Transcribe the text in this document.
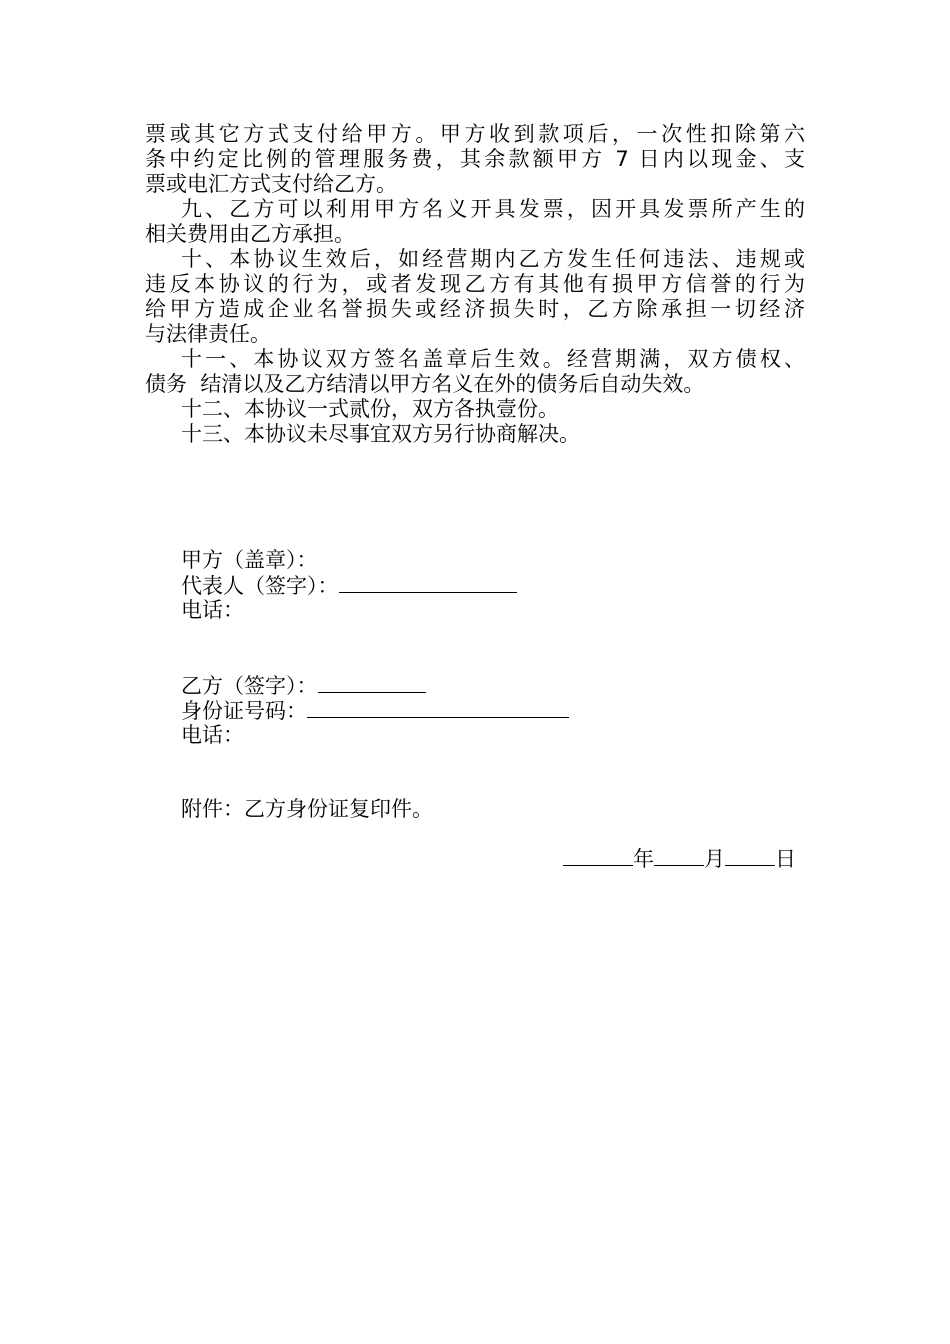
票或其它方式支付给甲方。甲方收到款项后，一次性扣除第六
条中约定比例的管理服务费，其余款额甲方 7 日内以现金、支
票或电汇方式支付给乙方。
九、乙方可以利用甲方名义开具发票，因开具发票所产生的
相关费用由乙方承担。
十、本协议生效后，如经营期内乙方发生任何违法、违规或
违反本协议的行为，或者发现乙方有其他有损甲方信誉的行为
给甲方造成企业名誉损失或经济损失时，乙方除承担一切经济
与法律责任。
十一、本协议双方签名盖章后生效。经营期满，双方债权、
债务  结清以及乙方结清以甲方名义在外的债务后自动失效。
十二、本协议一式贰份，双方各执壹份。
十三、本协议未尽事宜双方另行协商解决。
甲方（盖章）：
代表人（签字）：
电话：
乙方（签字）：
身份证号码：
电话：
附件：乙方身份证复印件。
年 月 日
